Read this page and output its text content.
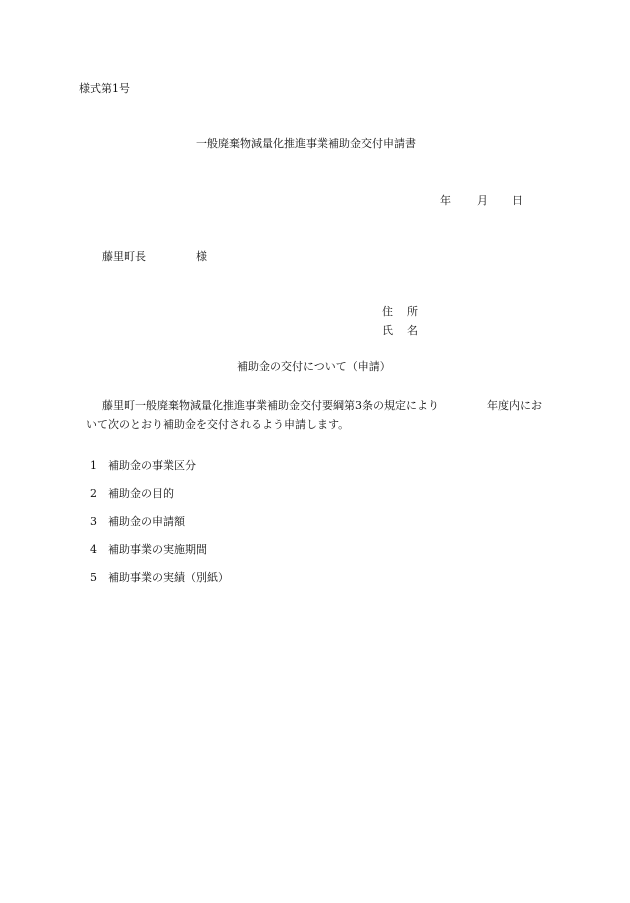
様式第1号
一般廃棄物減量化推進事業補助金交付申請書
年 月 日
藤里町長	様
住 所
氏 名
補助金の交付について（申請）
藤里町一般廃棄物減量化推進事業補助金交付要綱第3条の規定により	年度内にお
いて次のとおり補助金を交付されるよう申請します。
1 補助金の事業区分
2 補助金の目的
3 補助金の申請額
4 補助事業の実施期間
5 補助事業の実績（別紙）
